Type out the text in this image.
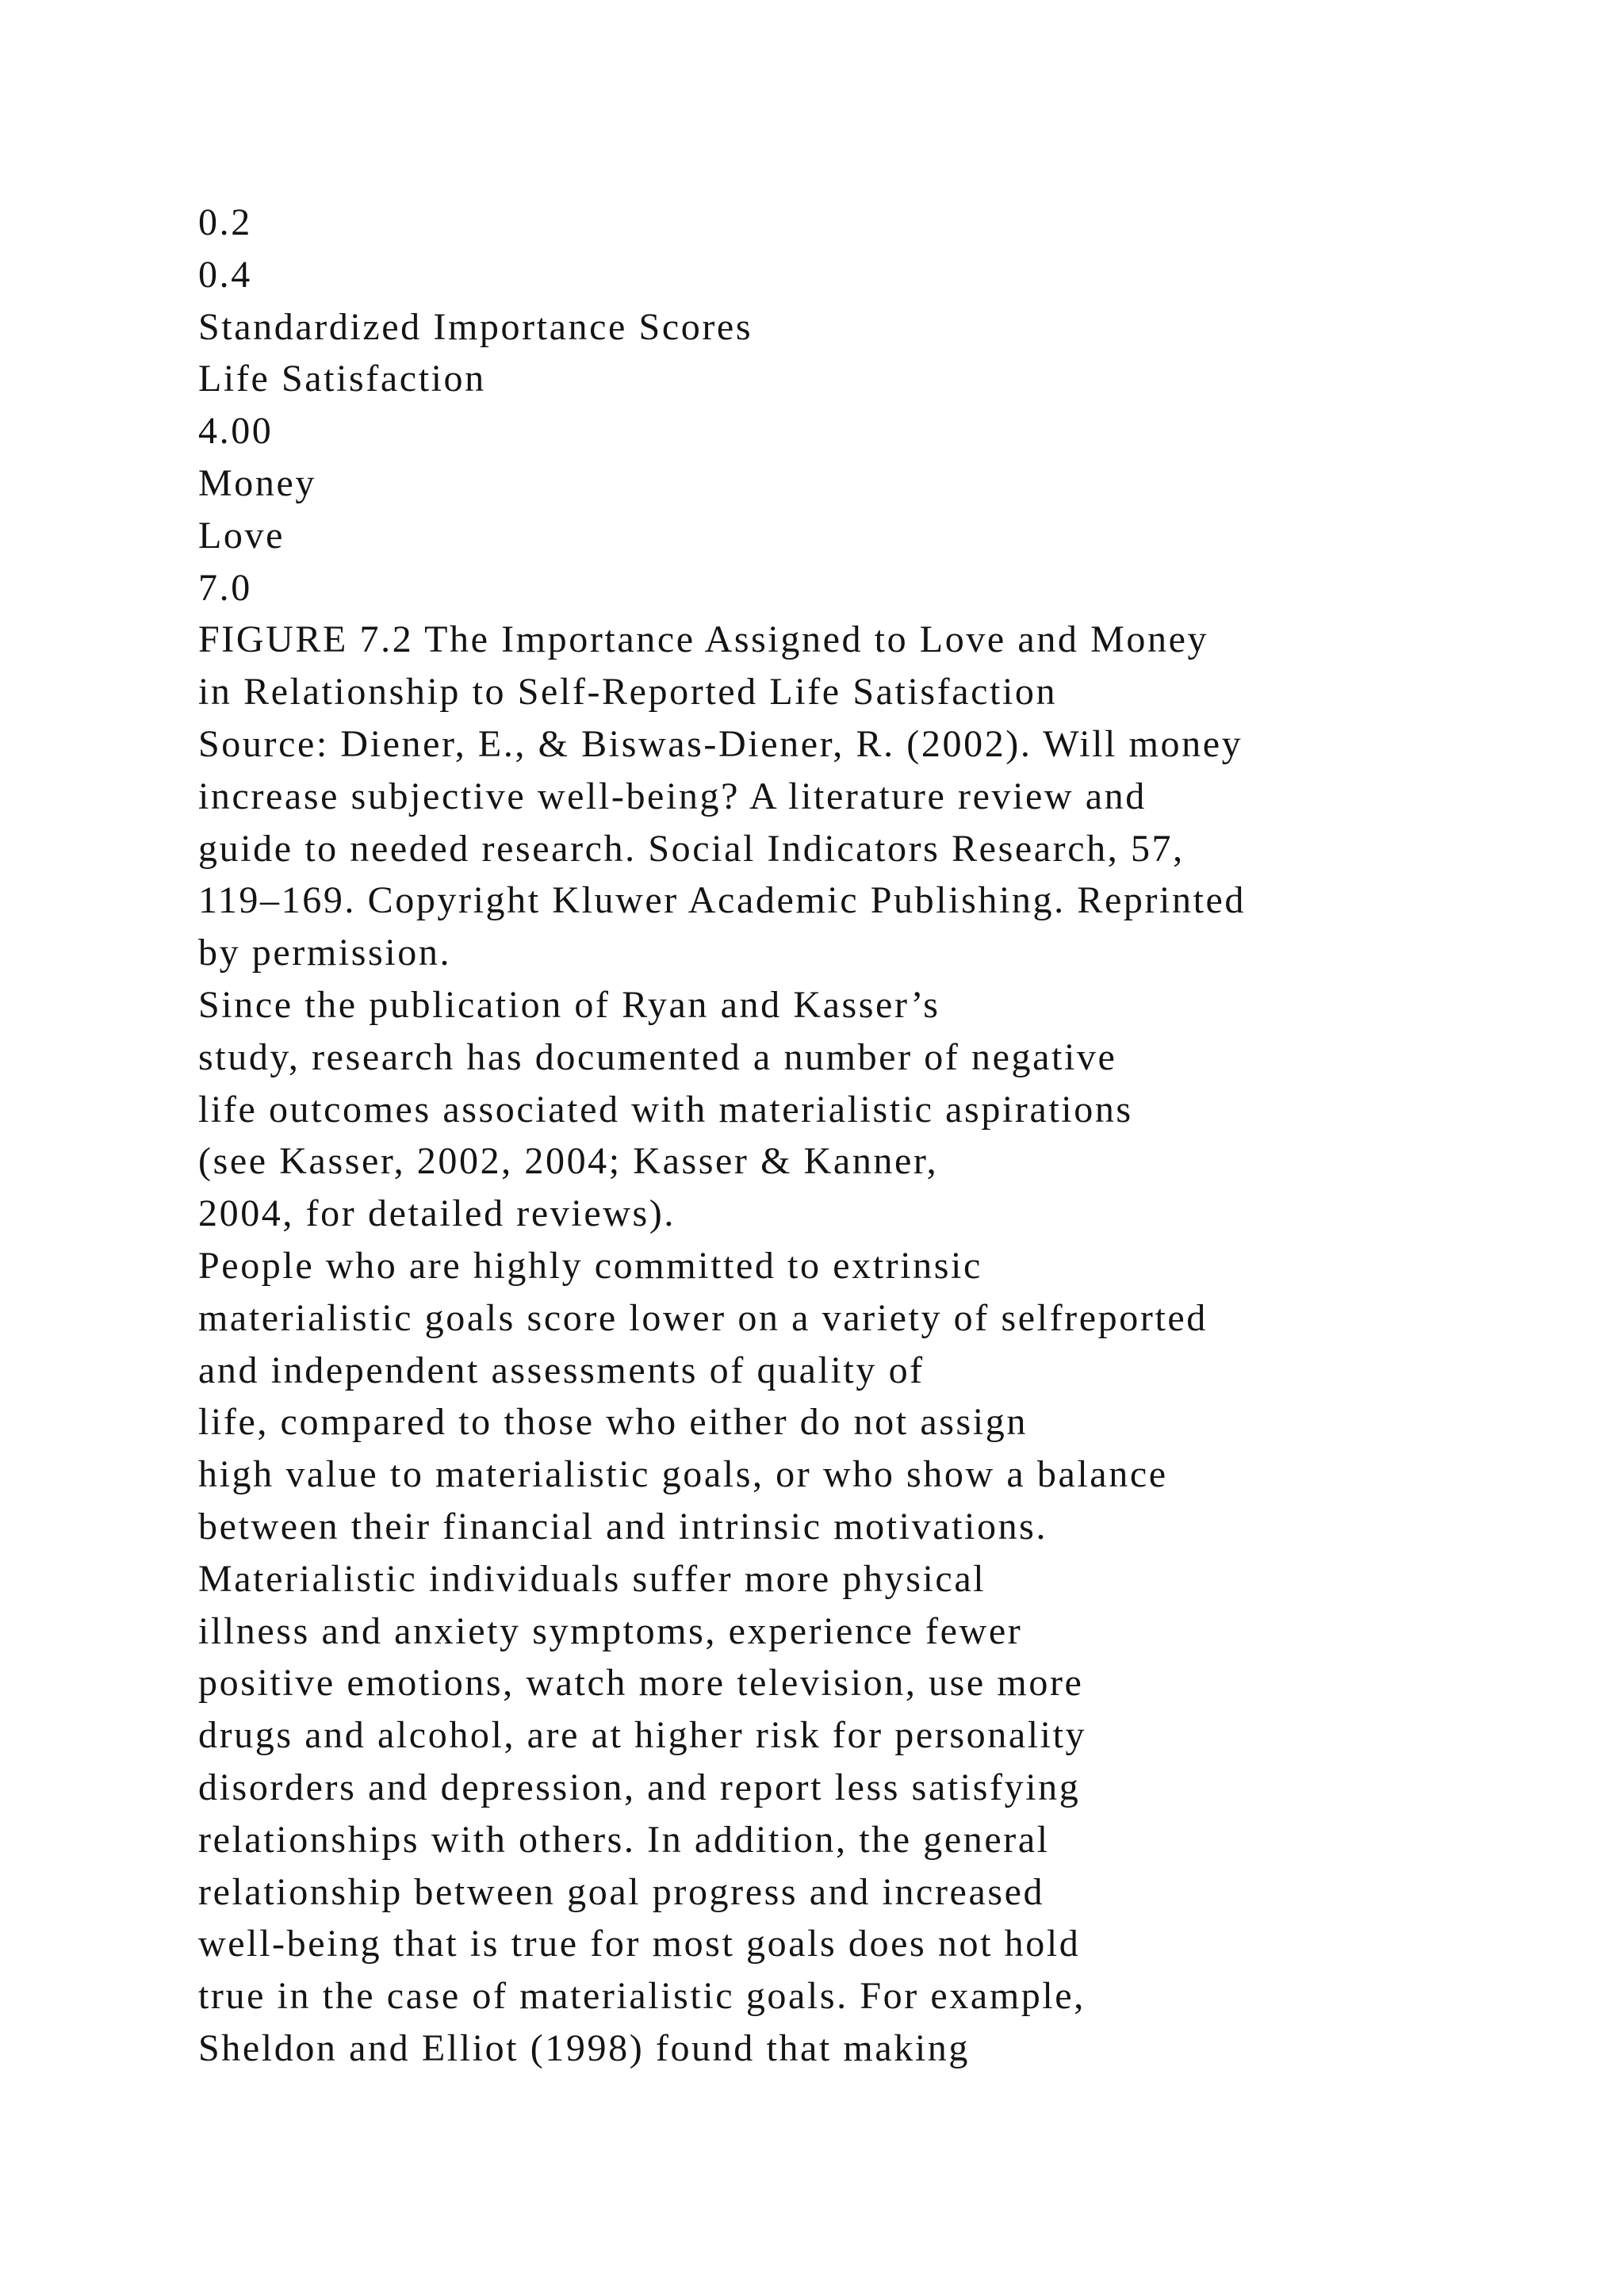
0.2
0.4
Standardized Importance Scores
Life Satisfaction
4.00
Money
Love
7.0
FIGURE 7.2 The Importance Assigned to Love and Money
in Relationship to Self-Reported Life Satisfaction
Source: Diener, E., & Biswas-Diener, R. (2002). Will money
increase subjective well-being? A literature review and
guide to needed research. Social Indicators Research, 57,
119–169. Copyright Kluwer Academic Publishing. Reprinted
by permission.
Since the publication of Ryan and Kasser’s
study, research has documented a number of negative
life outcomes associated with materialistic aspirations
(see Kasser, 2002, 2004; Kasser & Kanner,
2004, for detailed reviews).
People who are highly committed to extrinsic
materialistic goals score lower on a variety of selfreported
and independent assessments of quality of
life, compared to those who either do not assign
high value to materialistic goals, or who show a balance
between their financial and intrinsic motivations.
Materialistic individuals suffer more physical
illness and anxiety symptoms, experience fewer
positive emotions, watch more television, use more
drugs and alcohol, are at higher risk for personality
disorders and depression, and report less satisfying
relationships with others. In addition, the general
relationship between goal progress and increased
well-being that is true for most goals does not hold
true in the case of materialistic goals. For example,
Sheldon and Elliot (1998) found that making
